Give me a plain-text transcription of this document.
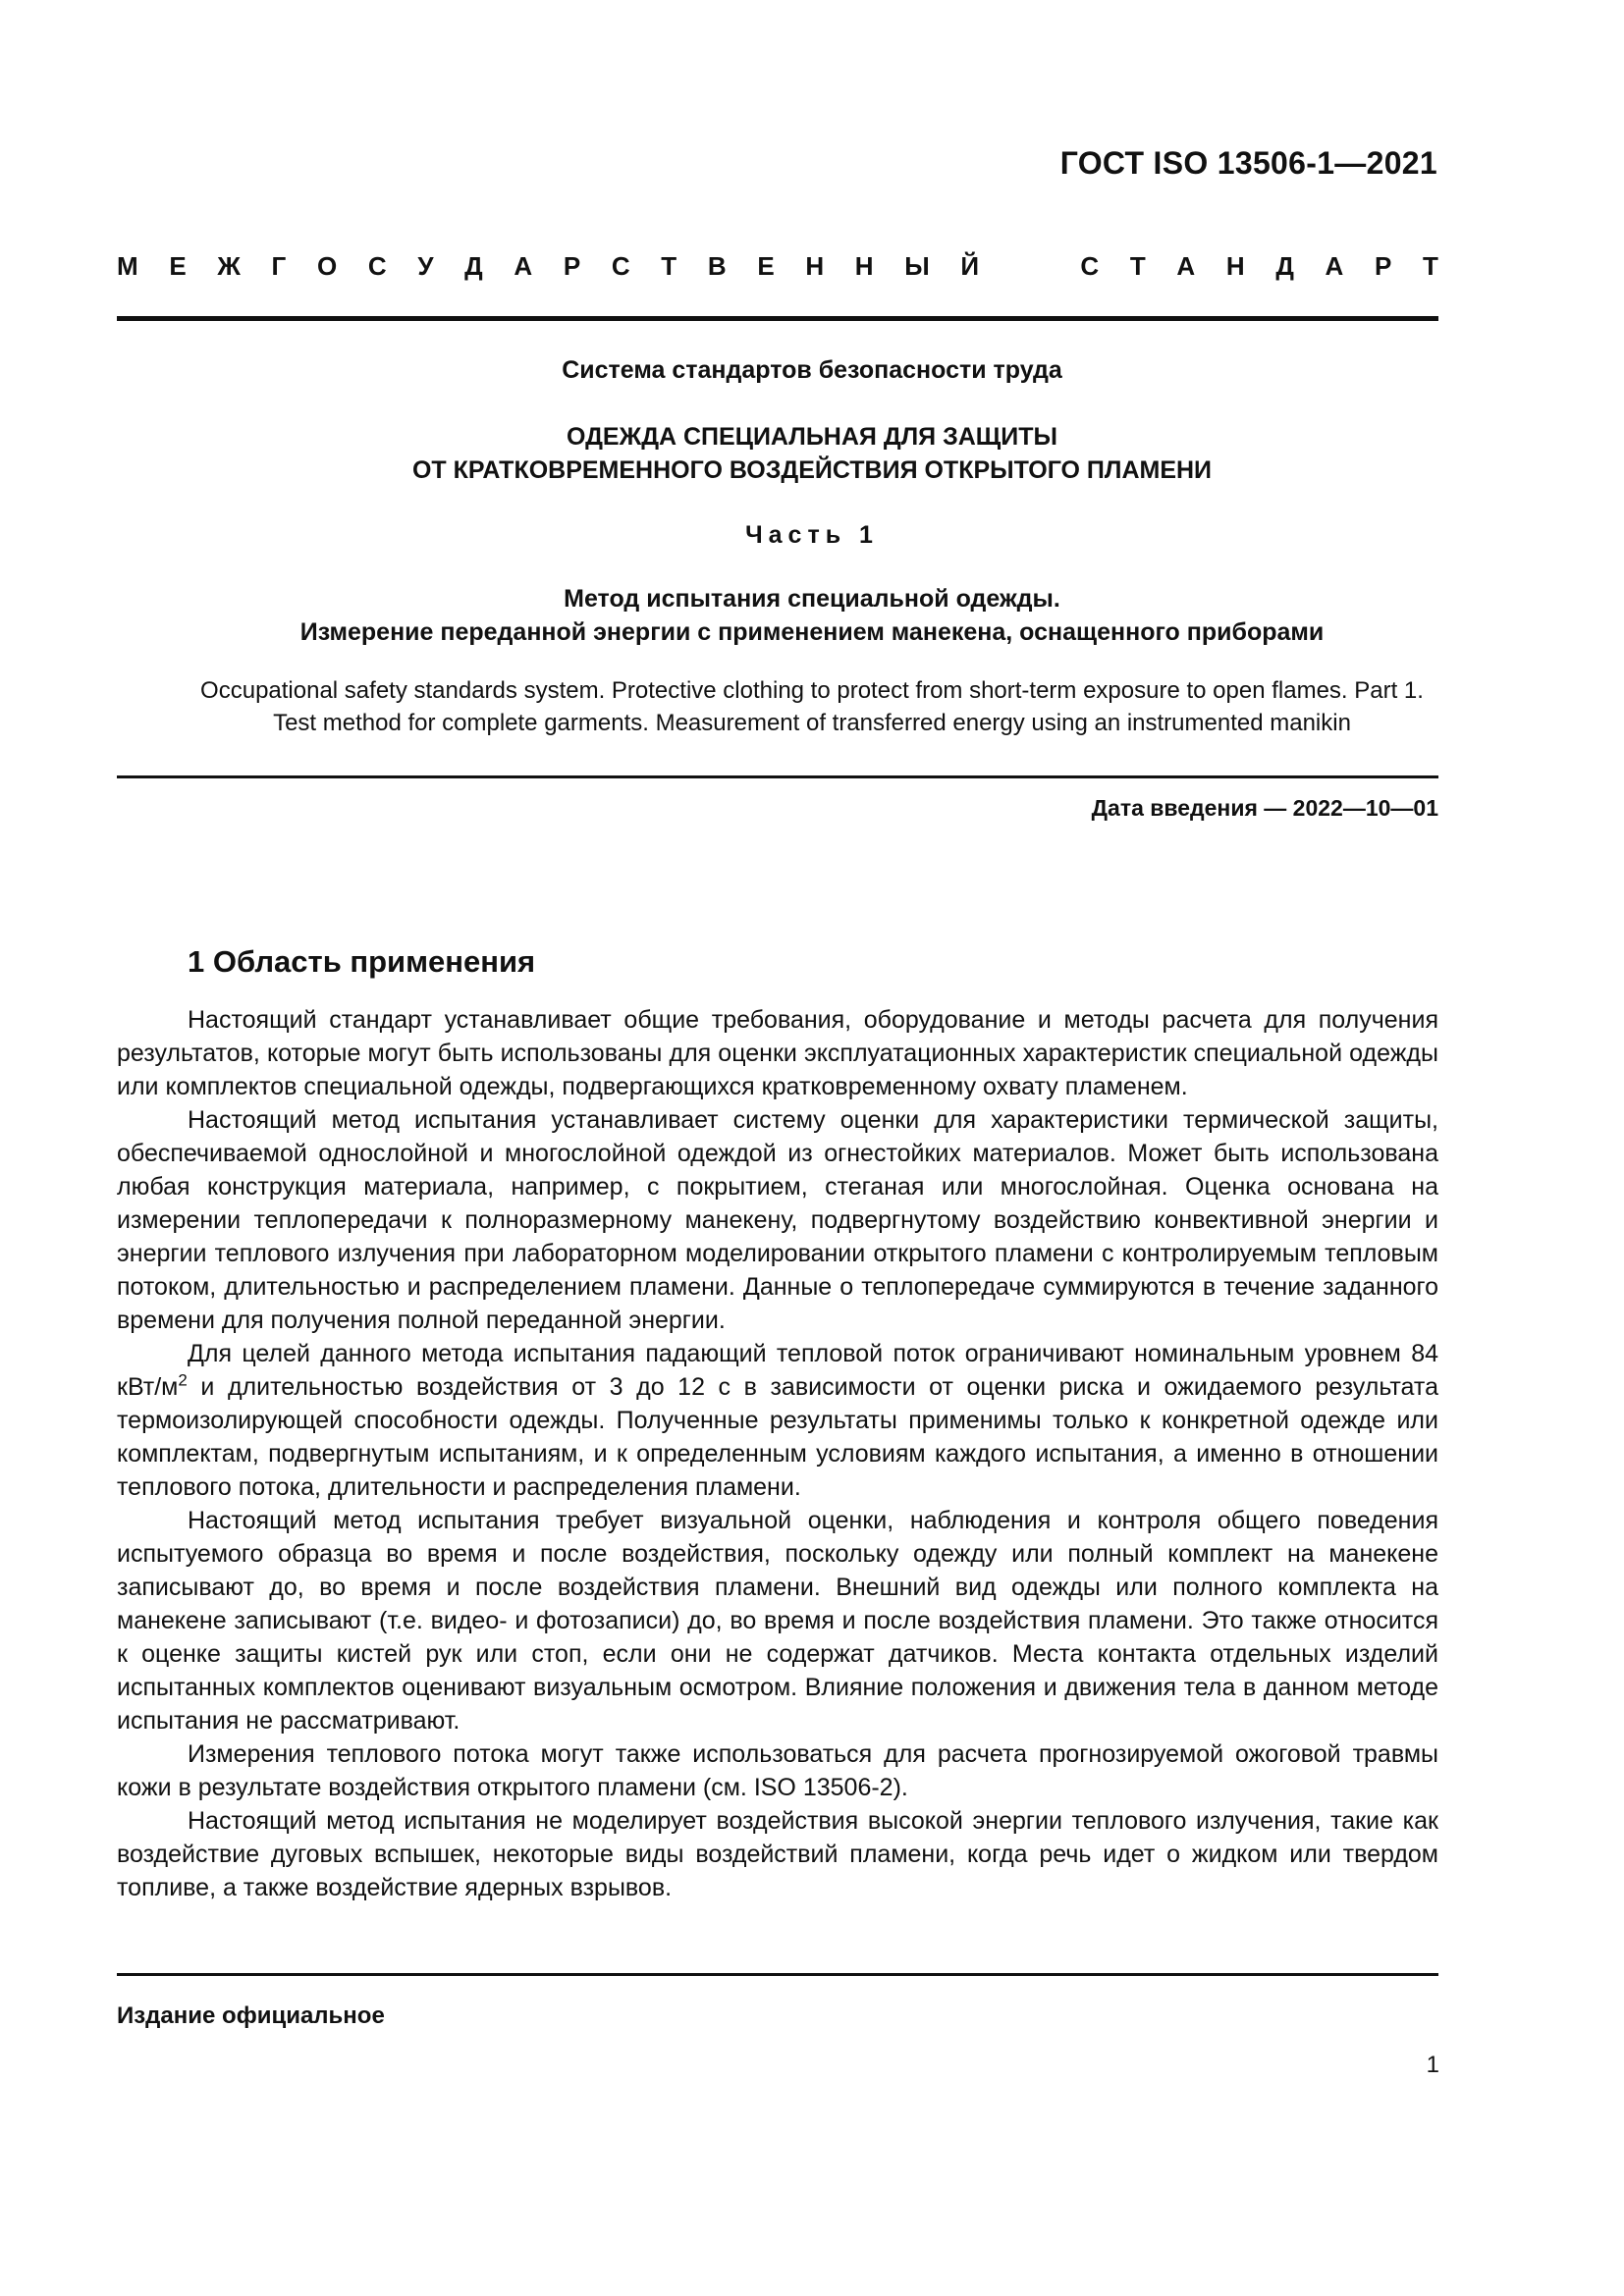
ГОСТ ISO 13506-1—2021
М Е Ж Г О С У Д А Р С Т В Е Н Н Ы Й	С Т А Н Д А Р Т
Система стандартов безопасности труда
ОДЕЖДА СПЕЦИАЛЬНАЯ ДЛЯ ЗАЩИТЫ
ОТ КРАТКОВРЕМЕННОГО ВОЗДЕЙСТВИЯ ОТКРЫТОГО ПЛАМЕНИ
Часть 1
Метод испытания специальной одежды.
Измерение переданной энергии с применением манекена, оснащенного приборами
Occupational safety standards system. Protective clothing to protect from short-term exposure to open flames. Part 1.
Test method for complete garments. Measurement of transferred energy using an instrumented manikin
Дата введения — 2022—10—01
1 Область применения

Настоящий стандарт устанавливает общие требования, оборудование и методы расчета для получения результатов, которые могут быть использованы для оценки эксплуатационных характеристик специальной одежды или комплектов специальной одежды, подвергающихся кратковременному охвату пламенем.

Настоящий метод испытания устанавливает систему оценки для характеристики термической защиты, обеспечиваемой однослойной и многослойной одеждой из огнестойких материалов. Может быть использована любая конструкция материала, например, с покрытием, стеганая или многослойная. Оценка основана на измерении теплопередачи к полноразмерному манекену, подвергнутому воздействию конвективной энергии и энергии теплового излучения при лабораторном моделировании открытого пламени с контролируемым тепловым потоком, длительностью и распределением пламени. Данные о теплопередаче суммируются в течение заданного времени для получения полной переданной энергии.

Для целей данного метода испытания падающий тепловой поток ограничивают номинальным уровнем 84 кВт/$м^2$ и длительностью воздействия от 3 до 12 с в зависимости от оценки риска и ожидаемого результата термоизолирующей способности одежды. Полученные результаты применимы только к конкретной одежде или комплектам, подвергнутым испытаниям, и к определенным условиям каждого испытания, а именно в отношении теплового потока, длительности и распределения пламени.

Настоящий метод испытания требует визуальной оценки, наблюдения и контроля общего поведения испытуемого образца во время и после воздействия, поскольку одежду или полный комплект на манекене записывают до, во время и после воздействия пламени. Внешний вид одежды или полного комплекта на манекене записывают (т.е. видео- и фотозаписи) до, во время и после воздействия пламени. Это также относится к оценке защиты кистей рук или стоп, если они не содержат датчиков. Места контакта отдельных изделий испытанных комплектов оценивают визуальным осмотром. Влияние положения и движения тела в данном методе испытания не рассматривают.

Измерения теплового потока могут также использоваться для расчета прогнозируемой ожоговой травмы кожи в результате воздействия открытого пламени (см. ISO 13506-2).

Настоящий метод испытания не моделирует воздействия высокой энергии теплового излучения, такие как воздействие дуговых вспышек, некоторые виды воздействий пламени, когда речь идет о жидком или твердом топливе, а также воздействие ядерных взрывов.

Издание официальное
1
